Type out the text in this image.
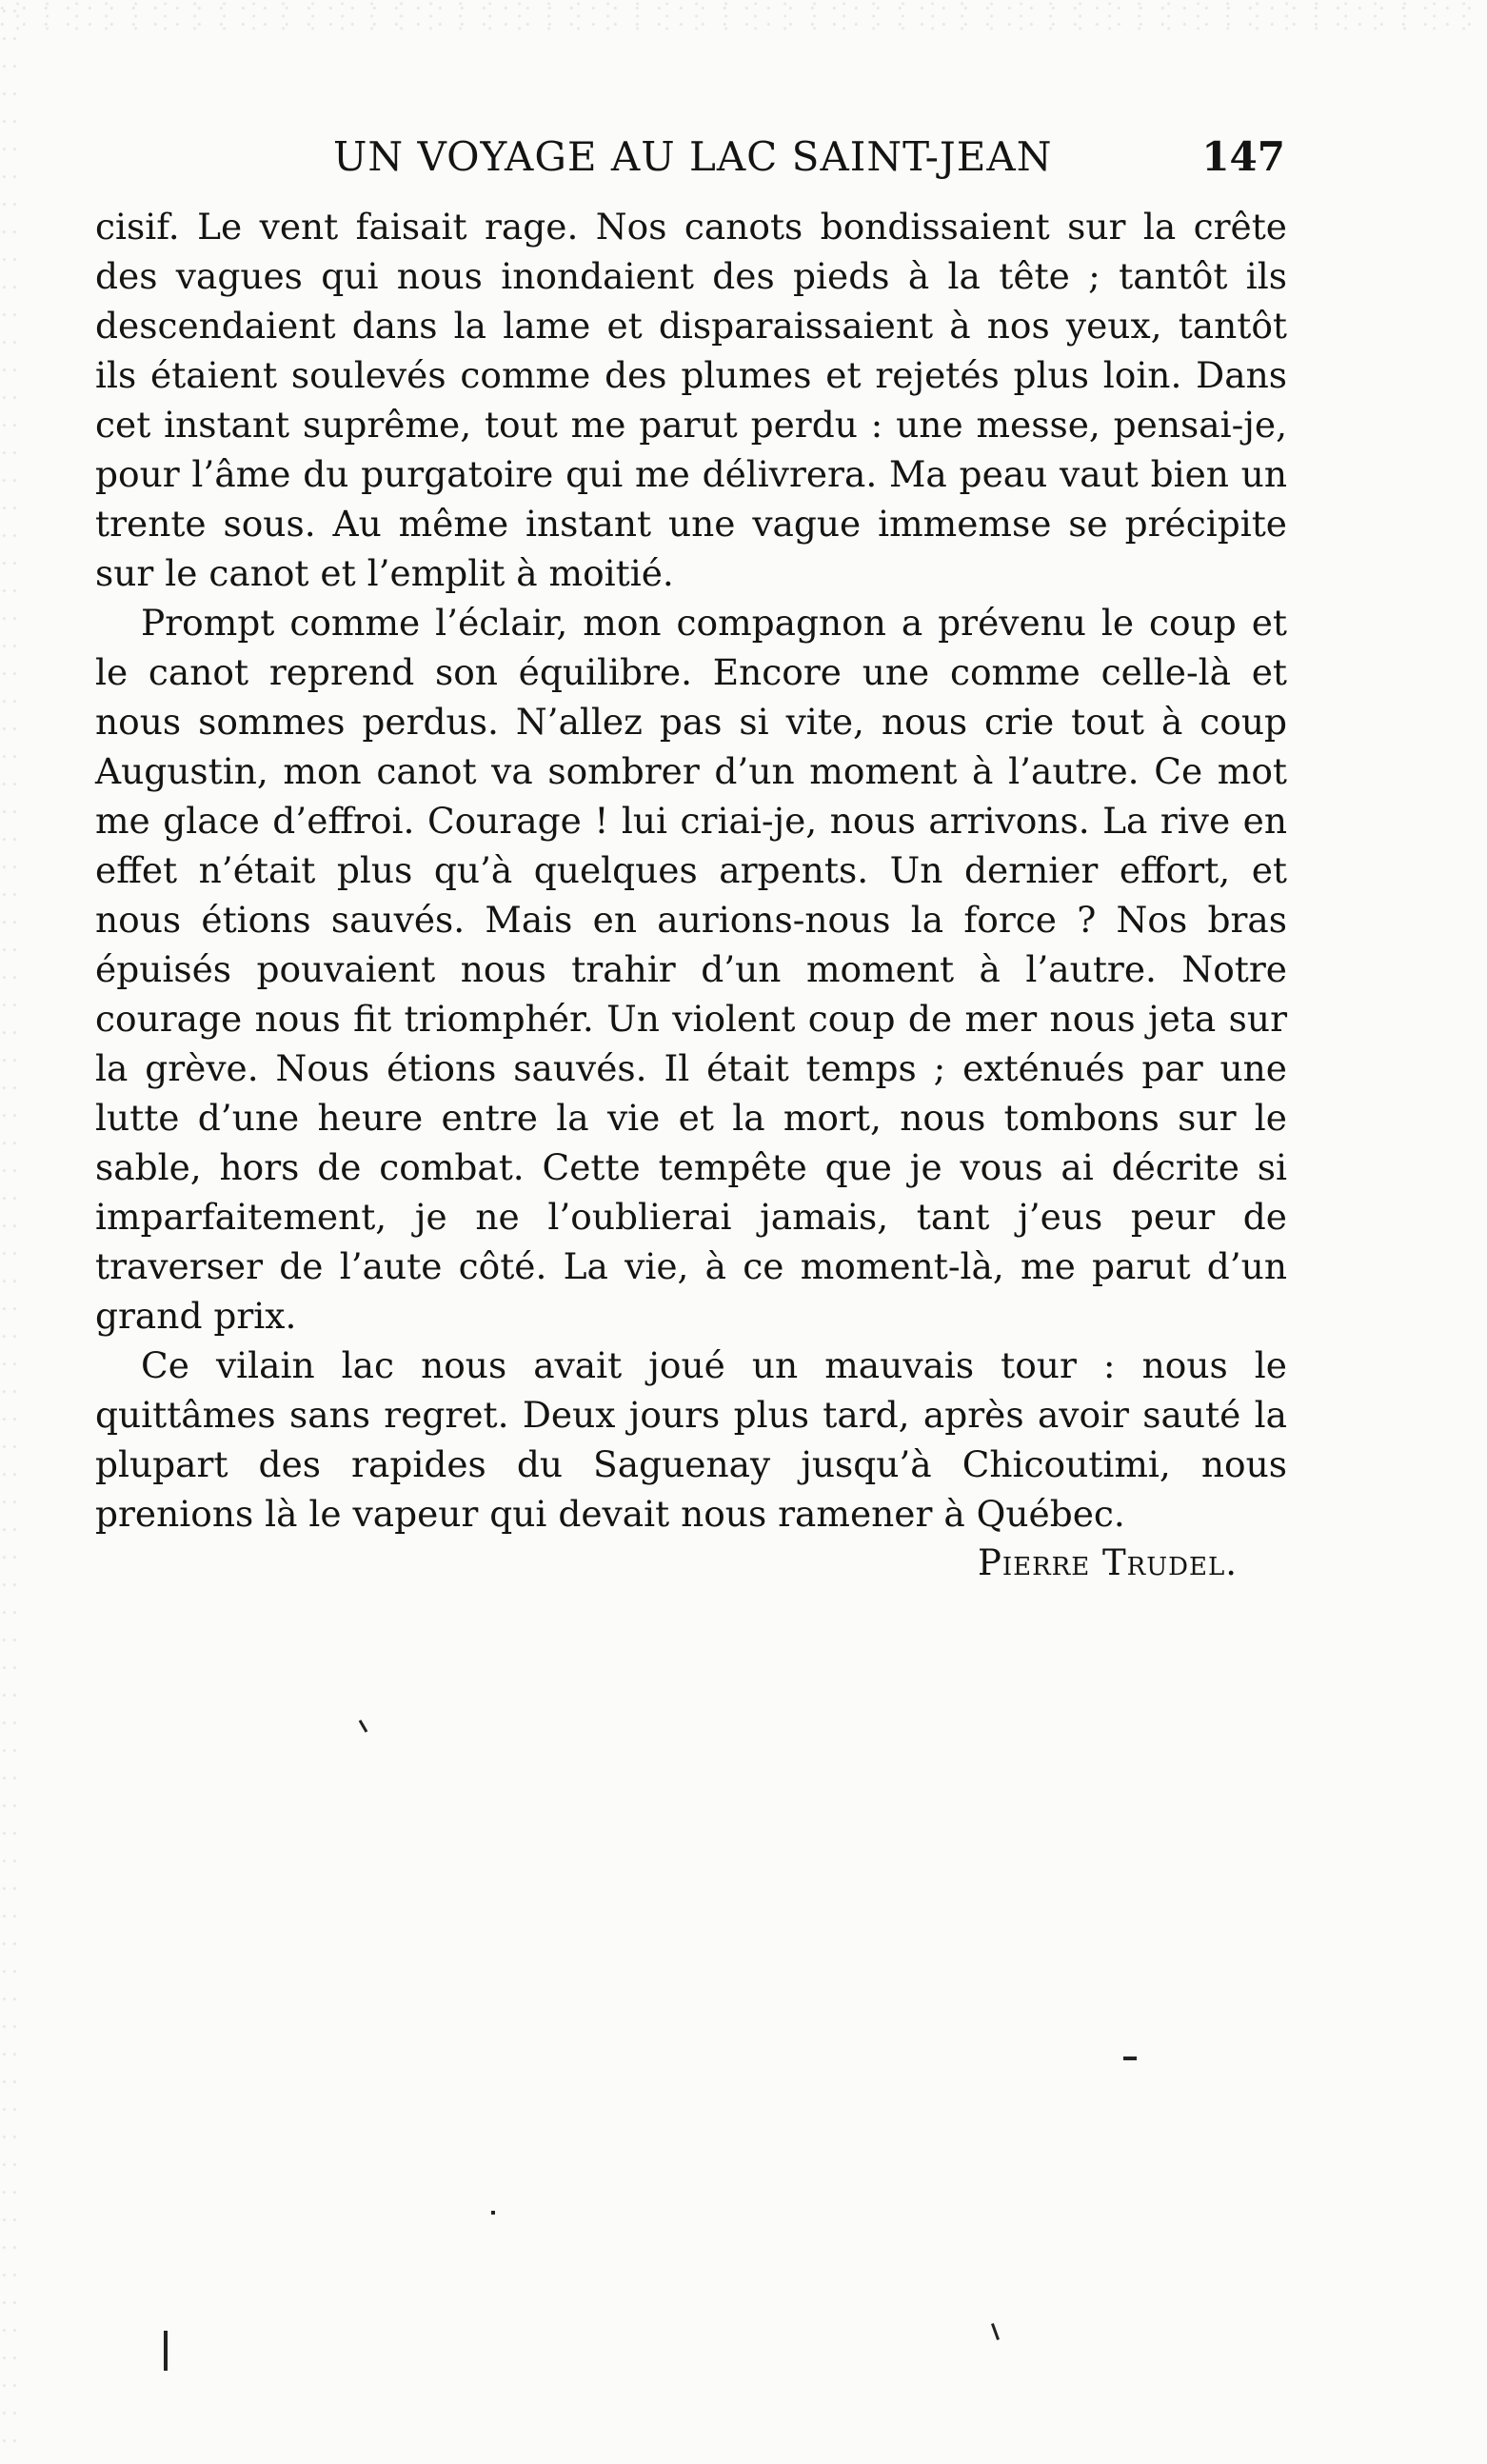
UN VOYAGE AU LAC SAINT-JEAN	147

cisif. Le vent faisait rage. Nos canots bondissaient sur la crête des vagues qui nous inondaient des pieds à la tête ; tantôt ils descendaient dans la lame et disparaissaient à nos yeux, tantôt ils étaient soulevés comme des plumes et rejetés plus loin. Dans cet instant suprême, tout me parut perdu : une messe, pensai-je, pour l’âme du purgatoire qui me délivrera. Ma peau vaut bien un trente sous. Au même instant une vague immemse se précipite sur le canot et l’emplit à moitié.

Prompt comme l’éclair, mon compagnon a prévenu le coup et le canot reprend son équilibre. Encore une comme celle-là et nous sommes perdus. N’allez pas si vite, nous crie tout à coup Augustin, mon canot va sombrer d’un moment à l’autre. Ce mot me glace d’effroi. Courage ! lui criai-je, nous arrivons. La rive en effet n’était plus qu’à quelques arpents. Un dernier effort, et nous étions sauvés. Mais en aurions-nous la force ? Nos bras épuisés pouvaient nous trahir d’un moment à l’autre. Notre courage nous fit triomphér. Un violent coup de mer nous jeta sur la grève. Nous étions sauvés. Il était temps ; exténués par une lutte d’une heure entre la vie et la mort, nous tombons sur le sable, hors de combat. Cette tempête que je vous ai décrite si imparfaitement, je ne l’oublierai jamais, tant j’eus peur de traverser de l’aute côté. La vie, à ce moment-là, me parut d’un grand prix.

Ce vilain lac nous avait joué un mauvais tour : nous le quittâmes sans regret. Deux jours plus tard, après avoir sauté la plupart des rapides du Saguenay jusqu’à Chicoutimi, nous prenions là le vapeur qui devait nous ramener à Québec.

Pierre Trudel.
